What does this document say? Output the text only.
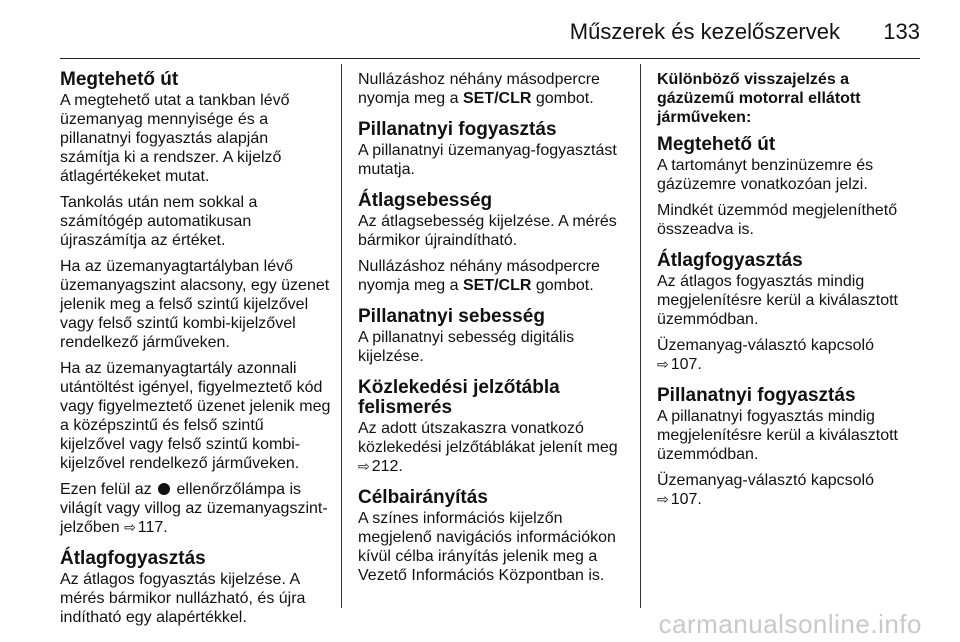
Műszerek és kezelőszervek 133
Megtehető út

A megtehető utat a tankban lévő üzemanyag mennyisége és a pillanatnyi fogyasztás alapján számítja ki a rendszer. A kijelző átlagértékeket mutat.

Tankolás után nem sokkal a számítógép automatikusan újraszámítja az értéket.

Ha az üzemanyagtartályban lévő üzemanyagszint alacsony, egy üzenet jelenik meg a felső szintű kijelzővel vagy felső szintű kombi-kijelzővel rendelkező járműveken.

Ha az üzemanyagtartály azonnali utántöltést igényel, figyelmeztető kód vagy figyelmeztető üzenet jelenik meg a középszintű és felső szintű kijelzővel vagy felső szintű kombi-kijelzővel rendelkező járműveken.

Ezen felül az ellenőrzőlámpa is világít vagy villog az üzemanyagszint-jelzőben ⇨ 117.

Átlagfogyasztás

Az átlagos fogyasztás kijelzése. A mérés bármikor nullázható, és újra indítható egy alapértékkel.

Nullázáshoz néhány másodpercre nyomja meg a SET/CLR gombot.

Pillanatnyi fogyasztás

A pillanatnyi üzemanyag-fogyasztást mutatja.

Átlagsebesség

Az átlagsebesség kijelzése. A mérés bármikor újraindítható.

Nullázáshoz néhány másodpercre nyomja meg a SET/CLR gombot.

Pillanatnyi sebesség

A pillanatnyi sebesség digitális kijelzése.

Közlekedési jelzőtábla felismerés

Az adott útszakaszra vonatkozó közlekedési jelzőtáblákat jelenít meg ⇨ 212.

Célbairányítás

A színes információs kijelzőn megjelenő navigációs információkon kívül célba irányítás jelenik meg a Vezető Információs Központban is.

Különböző visszajelzés a gázüzemű motorral ellátott járműveken:
Megtehető út

A tartományt benzinüzemre és gázüzemre vonatkozóan jelzi.

Mindkét üzemmód megjeleníthető összeadva is.

Átlagfogyasztás

Az átlagos fogyasztás mindig megjelenítésre kerül a kiválasztott üzemmódban.

Üzemanyag-választó kapcsoló
⇨ 107.

Pillanatnyi fogyasztás

A pillanatnyi fogyasztás mindig megjelenítésre kerül a kiválasztott üzemmódban.

Üzemanyag-választó kapcsoló
⇨ 107.

carmanualsonline.info
